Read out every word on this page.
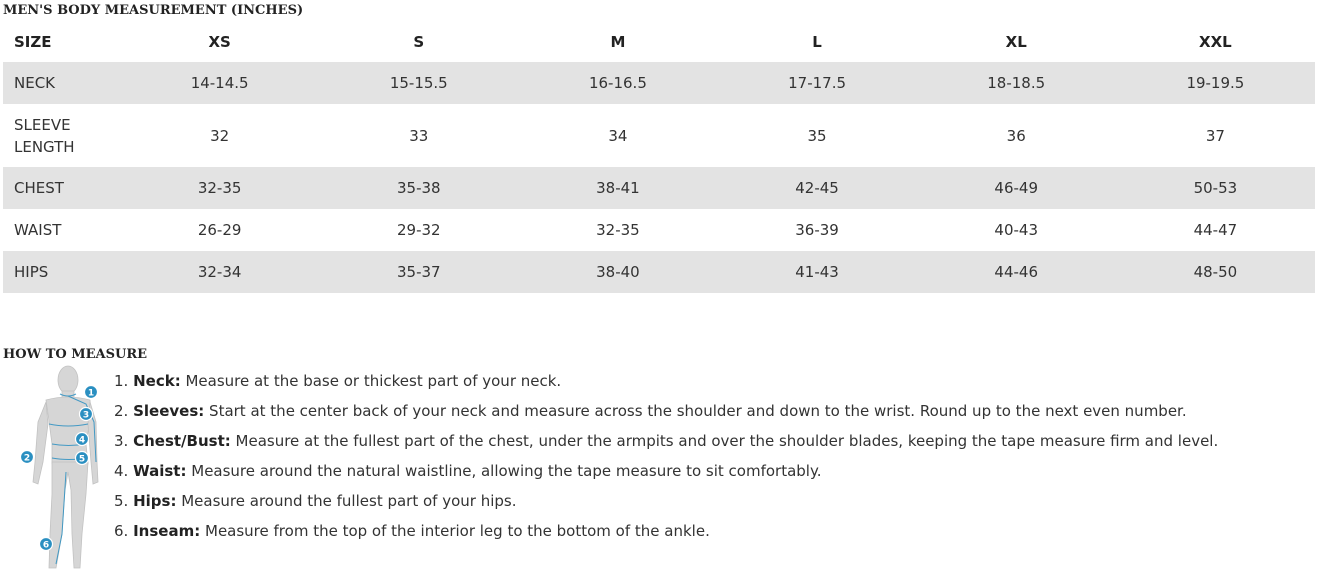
MEN'S BODY MEASUREMENT (INCHES)
SIZE	XS	S	M	L	XL	XXL
NECK	14-14.5	15-15.5	16-16.5	17-17.5	18-18.5	19-19.5
SLEEVE
LENGTH	32	33	34	35	36	37
CHEST	32-35	35-38	38-41	42-45	46-49	50-53
WAIST	26-29	29-32	32-35	36-39	40-43	44-47
HIPS	32-34	35-37	38-40	41-43	44-46	48-50
HOW TO MEASURE
1
2
3
4
5
6
1. Neck: Measure at the base or thickest part of your neck.
2. Sleeves: Start at the center back of your neck and measure across the shoulder and down to the wrist. Round up to the next even number.
3. Chest/Bust: Measure at the fullest part of the chest, under the armpits and over the shoulder blades, keeping the tape measure firm and level.
4. Waist: Measure around the natural waistline, allowing the tape measure to sit comfortably.
5. Hips: Measure around the fullest part of your hips.
6. Inseam: Measure from the top of the interior leg to the bottom of the ankle.
